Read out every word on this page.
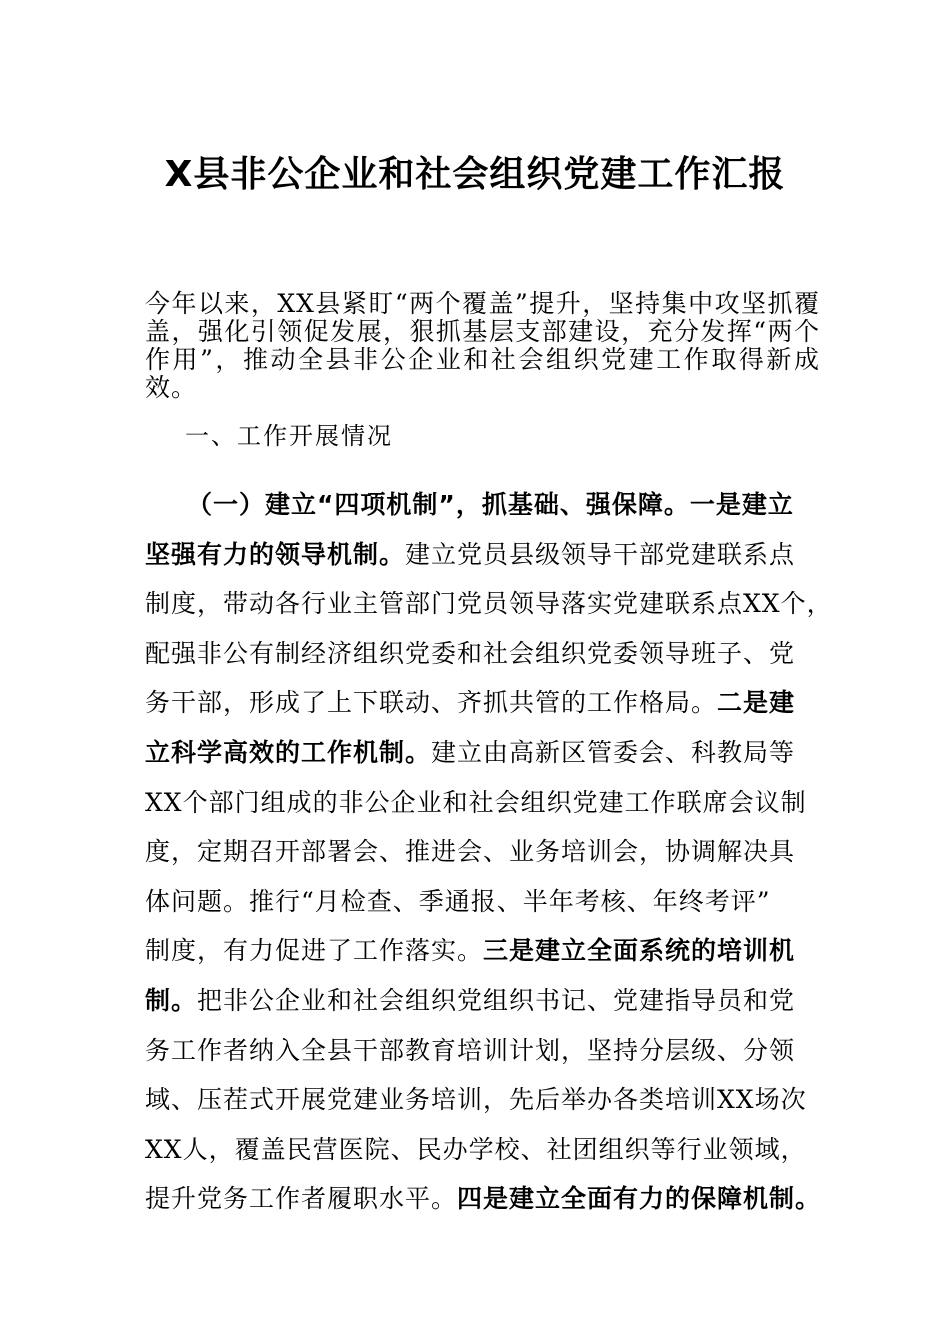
X县非公企业和社会组织党建工作汇报
今年以来，XX县紧盯“两个覆盖”提升，坚持集中攻坚抓覆盖，强化引领促发展，狠抓基层支部建设，充分发挥“两个作用”，推动全县非公企业和社会组织党建工作取得新成效。
一、工作开展情况
（一）建立“四项机制”，抓基础、强保障。一是建立
坚强有力的领导机制。建立党员县级领导干部党建联系点
制度，带动各行业主管部门党员领导落实党建联系点XX个，
配强非公有制经济组织党委和社会组织党委领导班子、党
务干部，形成了上下联动、齐抓共管的工作格局。二是建
立科学高效的工作机制。建立由高新区管委会、科教局等
XX个部门组成的非公企业和社会组织党建工作联席会议制
度，定期召开部署会、推进会、业务培训会，协调解决具
体问题。推行“月检查、季通报、半年考核、年终考评”
制度，有力促进了工作落实。三是建立全面系统的培训机
制。把非公企业和社会组织党组织书记、党建指导员和党
务工作者纳入全县干部教育培训计划，坚持分层级、分领
域、压茬式开展党建业务培训，先后举办各类培训XX场次
XX人，覆盖民营医院、民办学校、社团组织等行业领域，
提升党务工作者履职水平。四是建立全面有力的保障机制。
